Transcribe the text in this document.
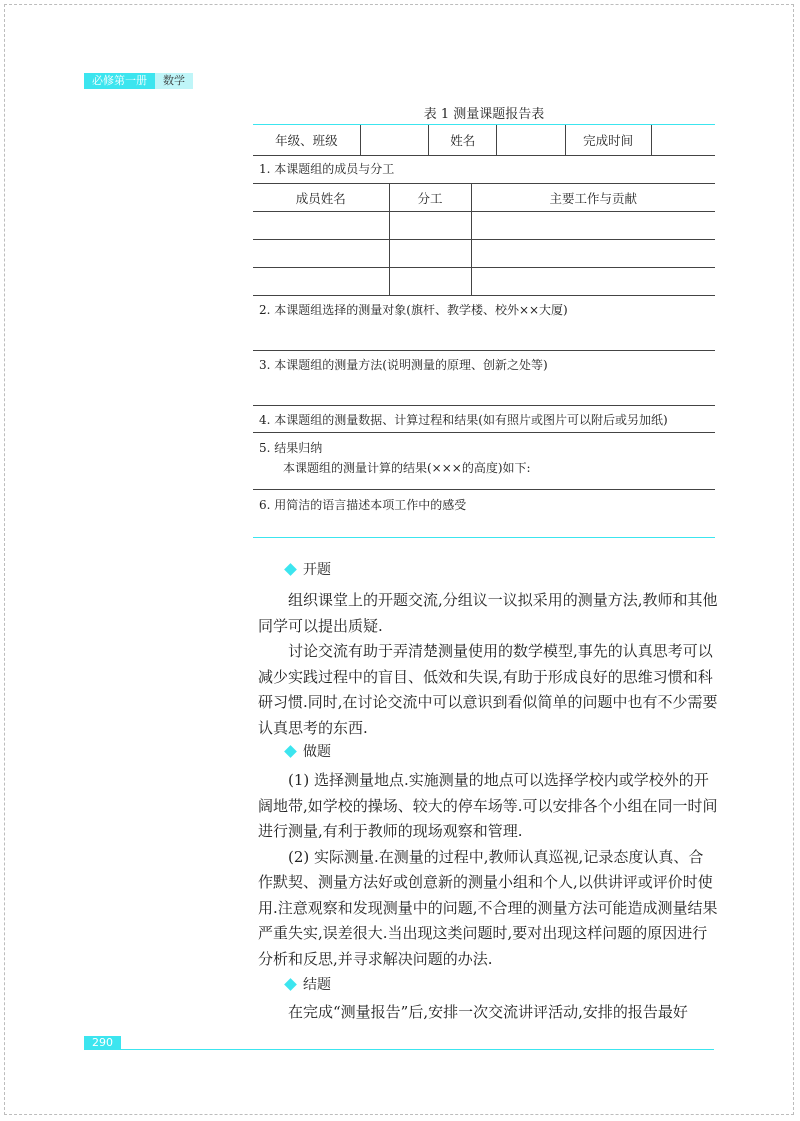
必修第一册	数学
表 1 测量课题报告表
年级、班级	姓名	完成时间
1. 本课题组的成员与分工
成员姓名	分工	主要工作与贡献

2. 本课题组选择的测量对象(旗杆、教学楼、校外××大厦)
3. 本课题组的测量方法(说明测量的原理、创新之处等)
4. 本课题组的测量数据、计算过程和结果(如有照片或图片可以附后或另加纸)
5. 结果归纳
本课题组的测量计算的结果(×××的高度)如下:
6. 用简洁的语言描述本项工作中的感受
开题

组织课堂上的开题交流,分组议一议拟采用的测量方法,教师和其他同学可以提出质疑.

讨论交流有助于弄清楚测量使用的数学模型,事先的认真思考可以减少实践过程中的盲目、低效和失误,有助于形成良好的思维习惯和科研习惯.同时,在讨论交流中可以意识到看似简单的问题中也有不少需要认真思考的东西.

做题

(1) 选择测量地点.实施测量的地点可以选择学校内或学校外的开阔地带,如学校的操场、较大的停车场等.可以安排各个小组在同一时间进行测量,有利于教师的现场观察和管理.

(2) 实际测量.在测量的过程中,教师认真巡视,记录态度认真、合作默契、测量方法好或创意新的测量小组和个人,以供讲评或评价时使用.注意观察和发现测量中的问题,不合理的测量方法可能造成测量结果严重失实,误差很大.当出现这类问题时,要对出现这样问题的原因进行分析和反思,并寻求解决问题的办法.

结题

在完成“测量报告”后,安排一次交流讲评活动,安排的报告最好

290
